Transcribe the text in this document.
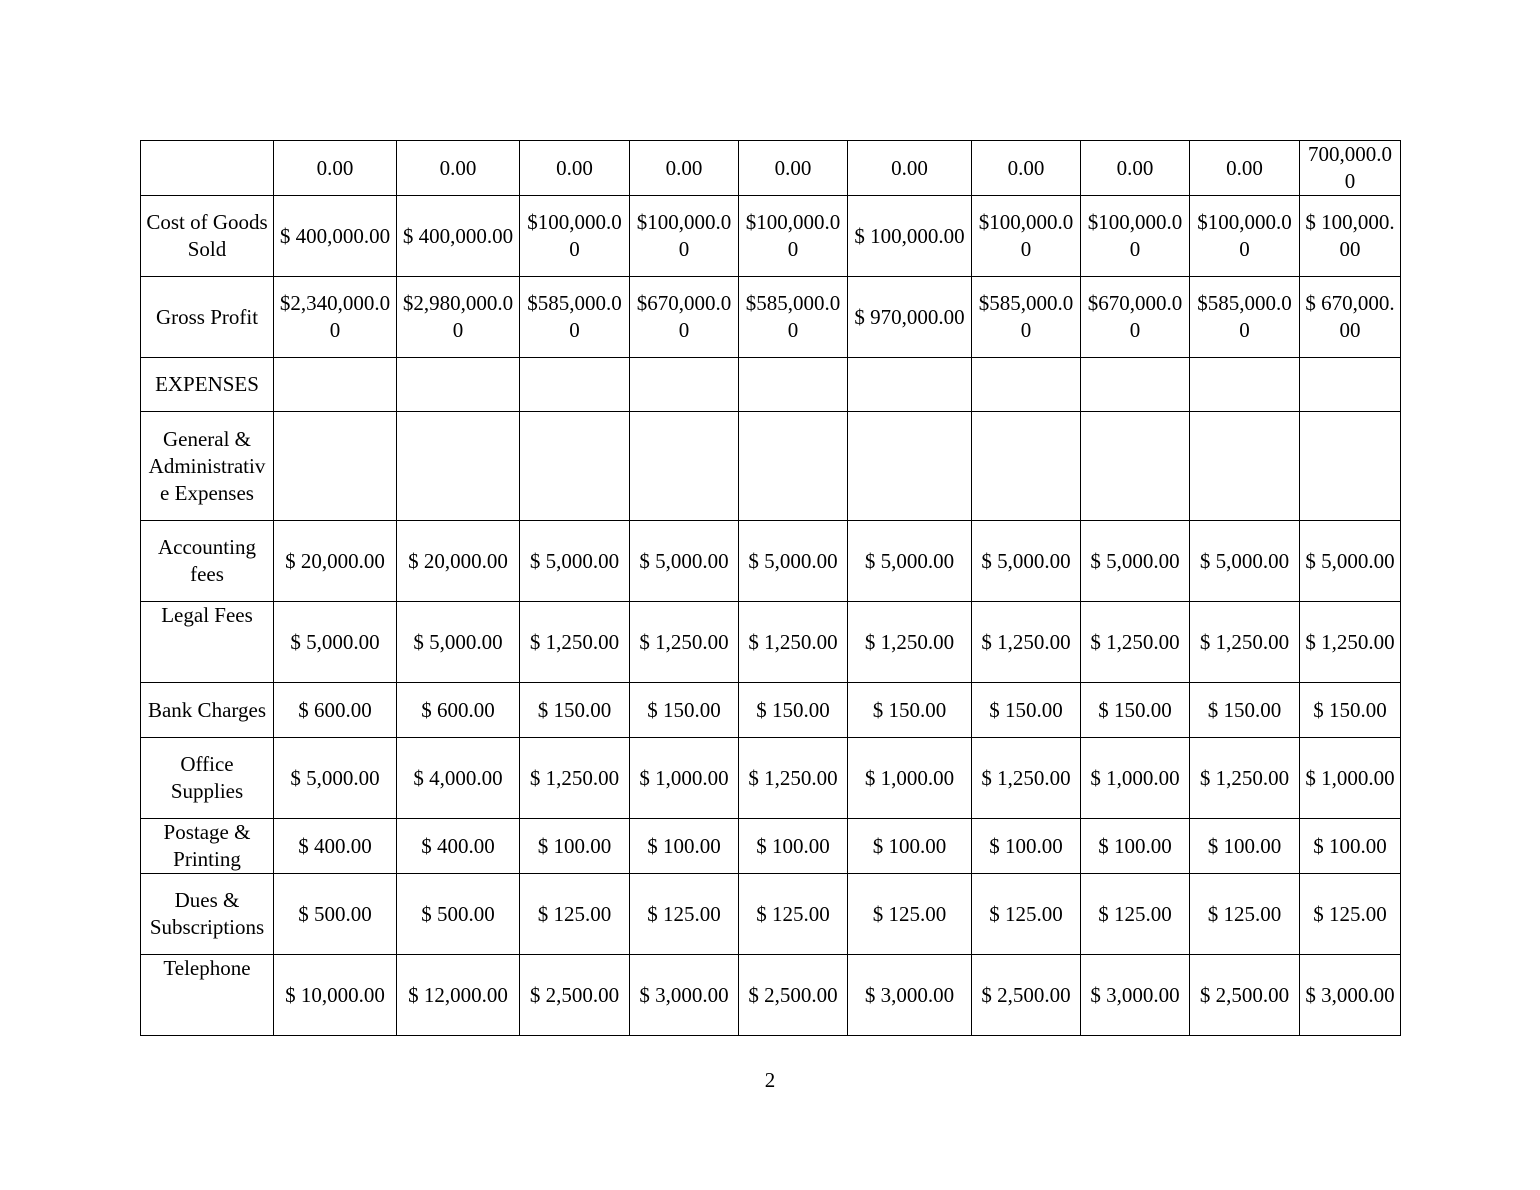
	0.00	0.00	0.00	0.00	0.00	0.00	0.00	0.00	0.00	700,000.00
Cost of Goods Sold	$ 400,000.00	$ 400,000.00	$100,000.00	$100,000.00	$100,000.00	$ 100,000.00	$100,000.00	$100,000.00	$100,000.00	$ 100,000.00
Gross Profit	$2,340,000.00	$2,980,000.00	$585,000.00	$670,000.00	$585,000.00	$ 970,000.00	$585,000.00	$670,000.00	$585,000.00	$ 670,000.00
EXPENSES										
General & Administrative Expenses										
Accounting fees	$ 20,000.00	$ 20,000.00	$ 5,000.00	$ 5,000.00	$ 5,000.00	$ 5,000.00	$ 5,000.00	$ 5,000.00	$ 5,000.00	$ 5,000.00
Legal Fees	$ 5,000.00	$ 5,000.00	$ 1,250.00	$ 1,250.00	$ 1,250.00	$ 1,250.00	$ 1,250.00	$ 1,250.00	$ 1,250.00	$ 1,250.00
Bank Charges	$ 600.00	$ 600.00	$ 150.00	$ 150.00	$ 150.00	$ 150.00	$ 150.00	$ 150.00	$ 150.00	$ 150.00
Office Supplies	$ 5,000.00	$ 4,000.00	$ 1,250.00	$ 1,000.00	$ 1,250.00	$ 1,000.00	$ 1,250.00	$ 1,000.00	$ 1,250.00	$ 1,000.00
Postage & Printing	$ 400.00	$ 400.00	$ 100.00	$ 100.00	$ 100.00	$ 100.00	$ 100.00	$ 100.00	$ 100.00	$ 100.00
Dues & Subscriptions	$ 500.00	$ 500.00	$ 125.00	$ 125.00	$ 125.00	$ 125.00	$ 125.00	$ 125.00	$ 125.00	$ 125.00
Telephone	$ 10,000.00	$ 12,000.00	$ 2,500.00	$ 3,000.00	$ 2,500.00	$ 3,000.00	$ 2,500.00	$ 3,000.00	$ 2,500.00	$ 3,000.00
2
